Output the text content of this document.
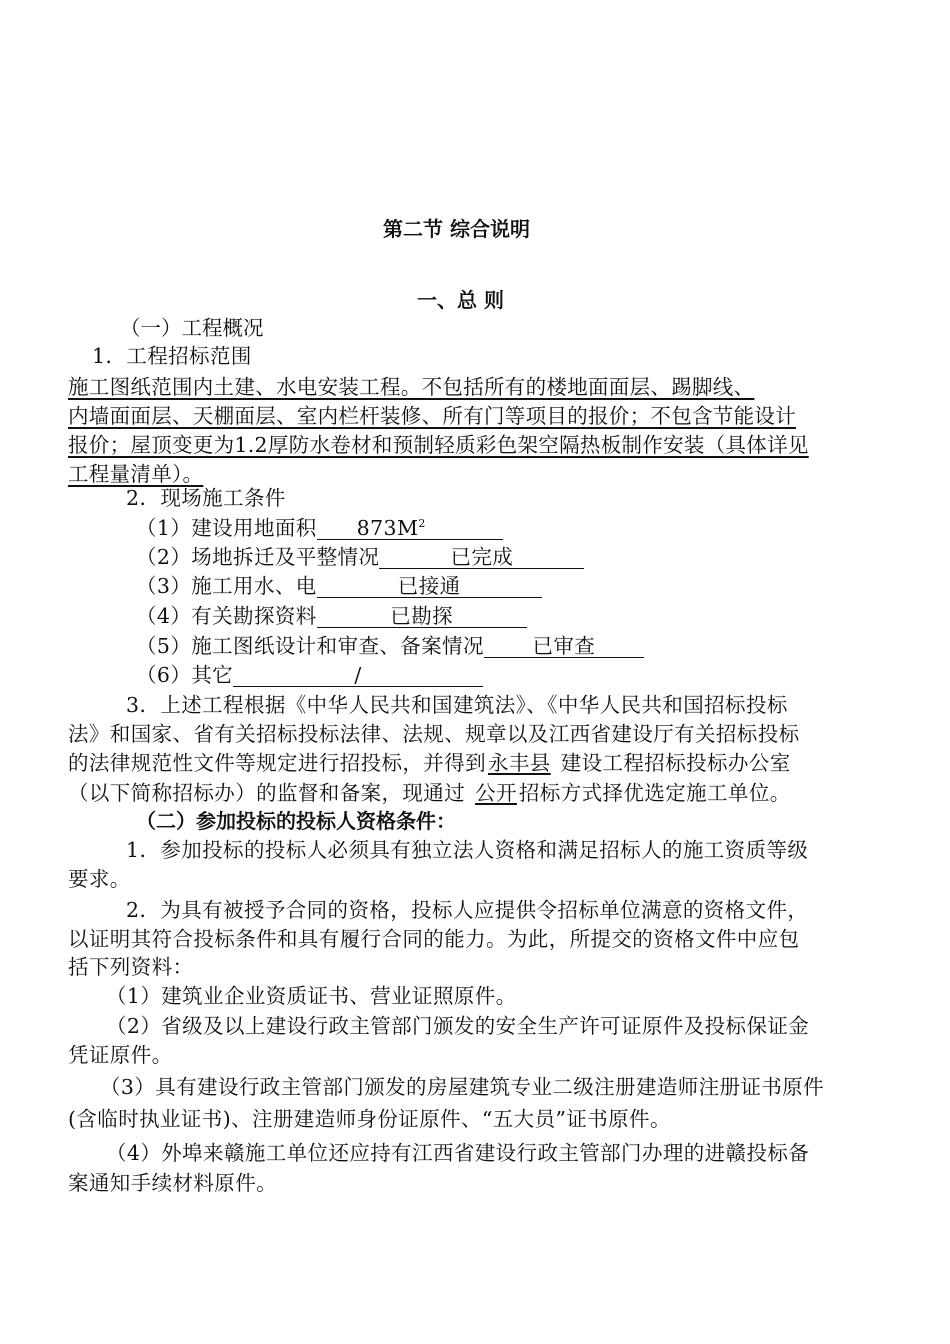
第二节 综合说明
一、总 则
（一）工程概况
1．工程招标范围
施工图纸范围内土建、水电安装工程。不包括所有的楼地面面层、踢脚线、
内墙面面层、天棚面层、室内栏杆装修、所有门等项目的报价；不包含节能设计
报价；屋顶变更为1.2厚防水卷材和预制轻质彩色架空隔热板制作安装（具体详见
工程量清单）。
2．现场施工条件
（1）建设用地面积 $873M^2$
（2）场地拆迁及平整情况	已完成
（3）施工用水、电	已接通
（4）有关勘探资料	已勘探
（5）施工图纸设计和审查、备案情况 已审查
（6）其它	/
3．上述工程根据《中华人民共和国建筑法》、《中华人民共和国招标投标
法》和国家、省有关招标投标法律、法规、规章以及江西省建设厅有关招标投标
的法律规范性文件等规定进行招投标，并得到永丰县 建设工程招标投标办公室
（以下简称招标办）的监督和备案，现通过 公开招标方式择优选定施工单位。
（二）参加投标的投标人资格条件：
1．参加投标的投标人必须具有独立法人资格和满足招标人的施工资质等级
要求。
2．为具有被授予合同的资格，投标人应提供令招标单位满意的资格文件，
以证明其符合投标条件和具有履行合同的能力。为此，所提交的资格文件中应包
括下列资料：
（1）建筑业企业资质证书、营业证照原件。
（2）省级及以上建设行政主管部门颁发的安全生产许可证原件及投标保证金
凭证原件。
（3）具有建设行政主管部门颁发的房屋建筑专业二级注册建造师注册证书原件
(含临时执业证书)、注册建造师身份证原件、“五大员”证书原件。
（4）外埠来赣施工单位还应持有江西省建设行政主管部门办理的进赣投标备
案通知手续材料原件。
